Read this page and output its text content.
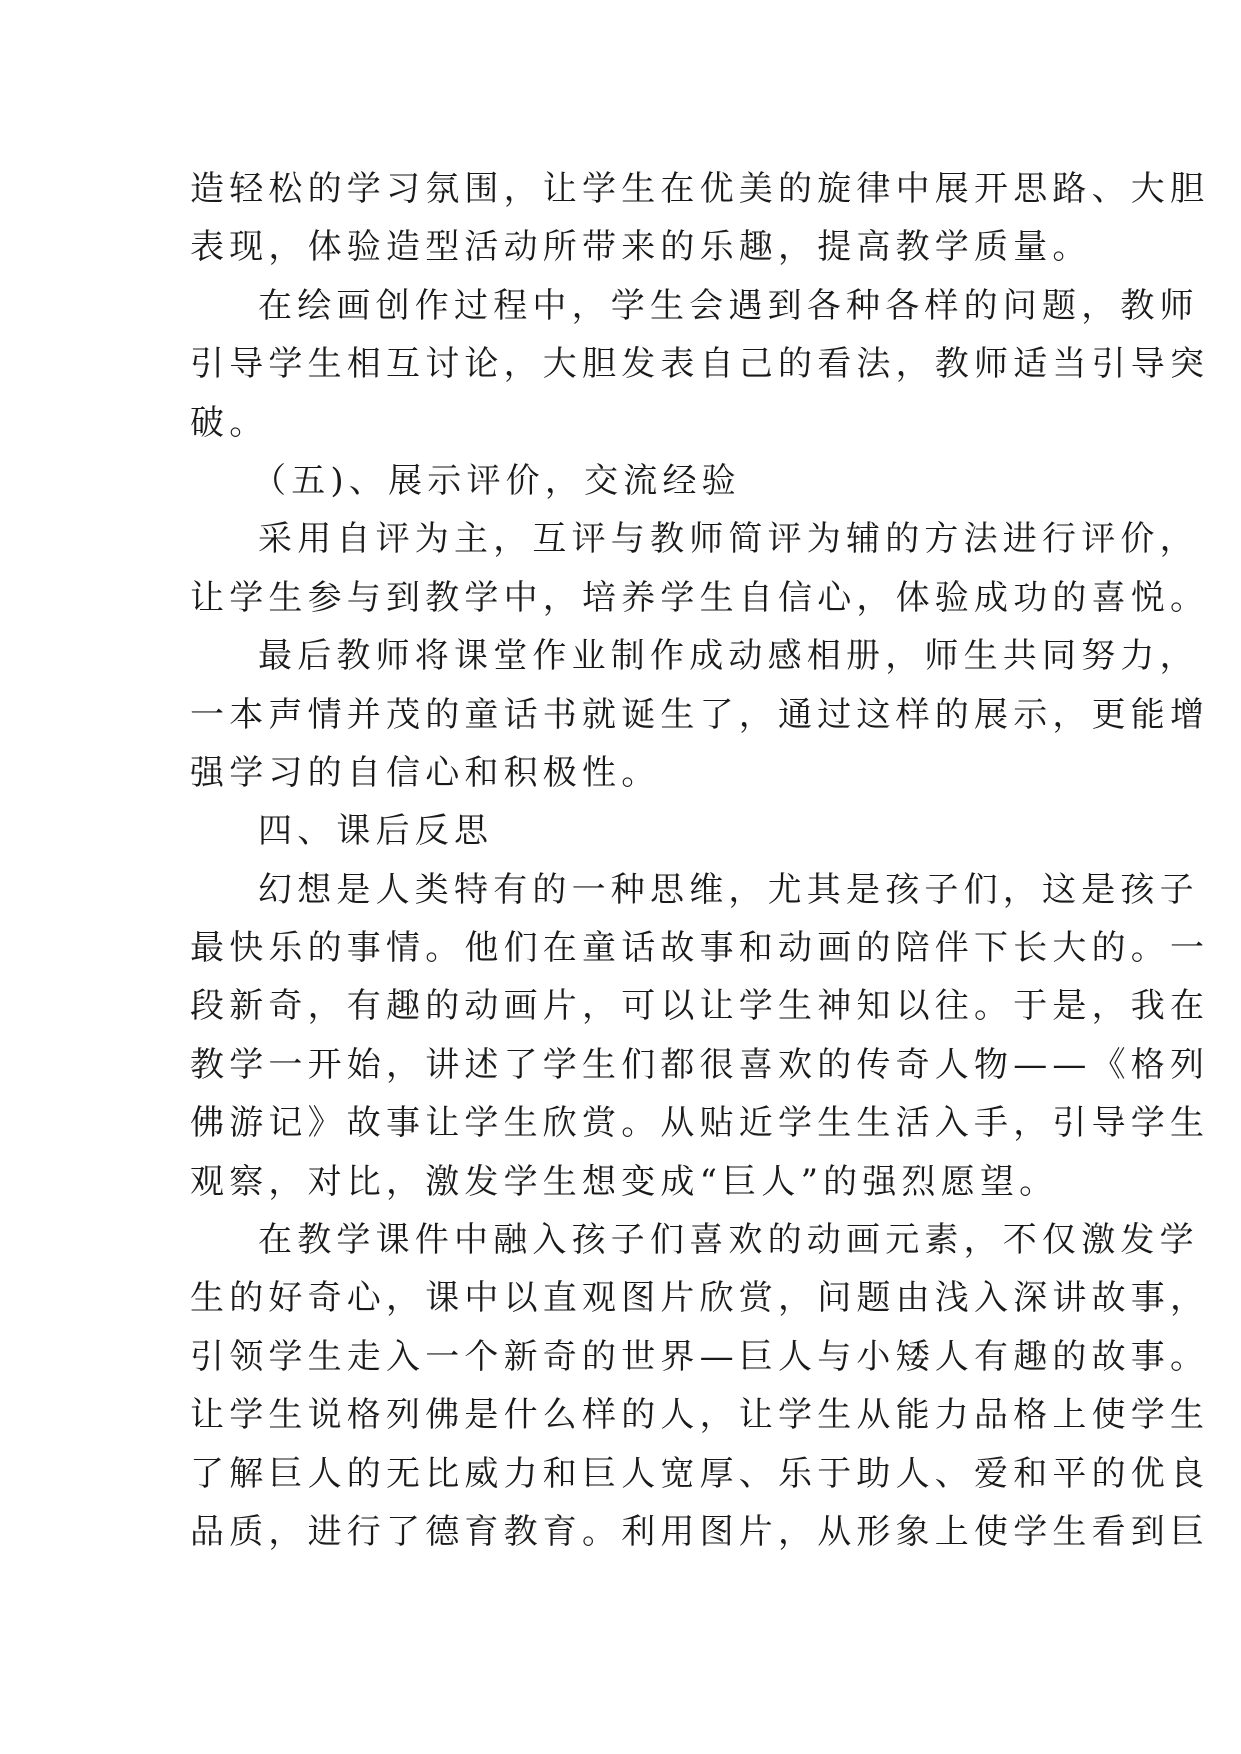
造轻松的学习氛围，让学生在优美的旋律中展开思路、大胆
表现，体验造型活动所带来的乐趣，提高教学质量。
在绘画创作过程中，学生会遇到各种各样的问题，教师
引导学生相互讨论，大胆发表自己的看法，教师适当引导突
破。
（五)、展示评价，交流经验
采用自评为主，互评与教师简评为辅的方法进行评价，
让学生参与到教学中，培养学生自信心，体验成功的喜悦。
最后教师将课堂作业制作成动感相册，师生共同努力，
一本声情并茂的童话书就诞生了，通过这样的展示，更能增
强学习的自信心和积极性。
四、课后反思
幻想是人类特有的一种思维，尤其是孩子们，这是孩子
最快乐的事情。他们在童话故事和动画的陪伴下长大的。一
段新奇，有趣的动画片，可以让学生神知以往。于是，我在
教学一开始，讲述了学生们都很喜欢的传奇人物——《格列
佛游记》故事让学生欣赏。从贴近学生生活入手，引导学生
观察，对比，激发学生想变成“巨人”的强烈愿望。
在教学课件中融入孩子们喜欢的动画元素，不仅激发学
生的好奇心，课中以直观图片欣赏，问题由浅入深讲故事，
引领学生走入一个新奇的世界—巨人与小矮人有趣的故事。
让学生说格列佛是什么样的人，让学生从能力品格上使学生
了解巨人的无比威力和巨人宽厚、乐于助人、爱和平的优良
品质，进行了德育教育。利用图片，从形象上使学生看到巨
